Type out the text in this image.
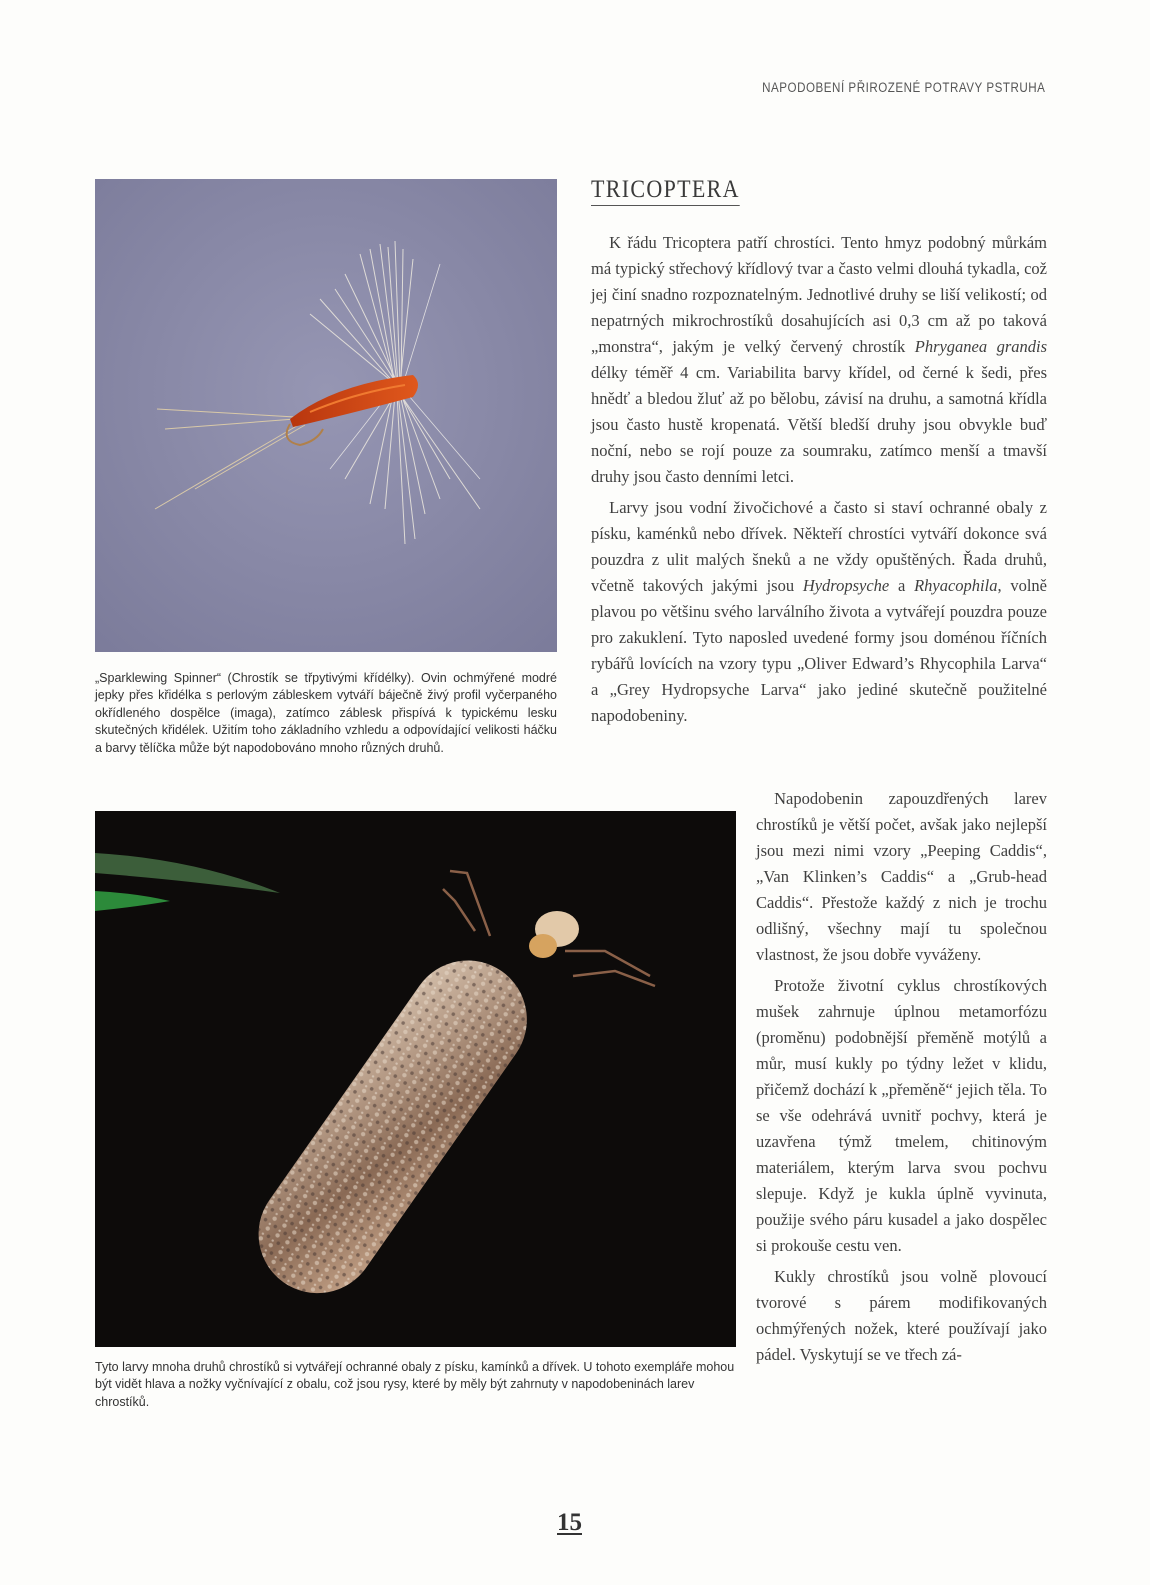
NAPODOBENÍ PŘIROZENÉ POTRAVY PSTRUHA
„Sparklewing Spinner“ (Chrostík se třpytivými křídélky). Ovin ochmýřené modré jepky přes křidélka s perlovým zábleskem vytváří báječně živý profil vyčerpaného okřídleného dospělce (imaga), zatímco záblesk přispívá k typickému lesku skutečných křidélek. Užitím toho základního vzhledu a odpovídající velikosti háčku a barvy tělíčka může být napodobováno mnoho různých druhů.
Tyto larvy mnoha druhů chrostíků si vytvářejí ochranné obaly z písku, kamínků a dřívek. U tohoto exempláře mohou být vidět hlava a nožky vyčnívající z obalu, což jsou rysy, které by měly být zahrnuty v napodobeninách larev chrostíků.
TRICOPTERA

K řádu Tricoptera patří chrostíci. Tento hmyz podobný můrkám má typický střechový křídlový tvar a často velmi dlouhá tykadla, což jej činí snadno rozpoznatelným. Jednotlivé druhy se liší velikostí; od nepatrných mikrochrostíků dosahujících asi 0,3 cm až po taková „monstra“, jakým je velký červený chrostík Phryganea grandis délky téměř 4 cm. Variabilita barvy křídel, od černé k šedi, přes hnědť a bledou žluť až po bělobu, závisí na druhu, a samotná křídla jsou často hustě kropenatá. Větší bledší druhy jsou obvykle buď noční, nebo se rojí pouze za soumraku, zatímco menší a tmavší druhy jsou často denními letci.

Larvy jsou vodní živočichové a často si staví ochranné obaly z písku, kaménků nebo dřívek. Někteří chrostíci vytváří dokonce svá pouzdra z ulit malých šneků a ne vždy opuštěných. Řada druhů, včetně takových jakými jsou Hydropsyche a Rhyacophila, volně plavou po většinu svého larválního života a vytvářejí pouzdra pouze pro zakuklení. Tyto naposled uvedené formy jsou doménou říčních rybářů lovících na vzory typu „Oliver Edward’s Rhycophila Larva“ a „Grey Hydropsyche Larva“ jako jediné skutečně použitelné napodobeniny.

Napodobenin zapouzdřených larev chrostíků je větší počet, avšak jako nejlepší jsou mezi nimi vzory „Peeping Caddis“, „Van Klinken’s Caddis“ a „Grub-head Caddis“. Přestože každý z nich je trochu odlišný, všechny mají tu společnou vlastnost, že jsou dobře vyváženy.

Protože životní cyklus chrostíkových mušek zahrnuje úplnou metamorfózu (proměnu) podobnější přeměně motýlů a můr, musí kukly po týdny ležet v klidu, přičemž dochází k „přeměně“ jejich těla. To se vše odehrává uvnitř pochvy, která je uzavřena týmž tmelem, chitinovým materiálem, kterým larva svou pochvu slepuje. Když je kukla úplně vyvinuta, použije svého páru kusadel a jako dospělec si prokouše cestu ven.

Kukly chrostíků jsou volně plovoucí tvorové s párem modifikovaných ochmýřených nožek, které používají jako pádel. Vyskytují se ve třech zá-

15
